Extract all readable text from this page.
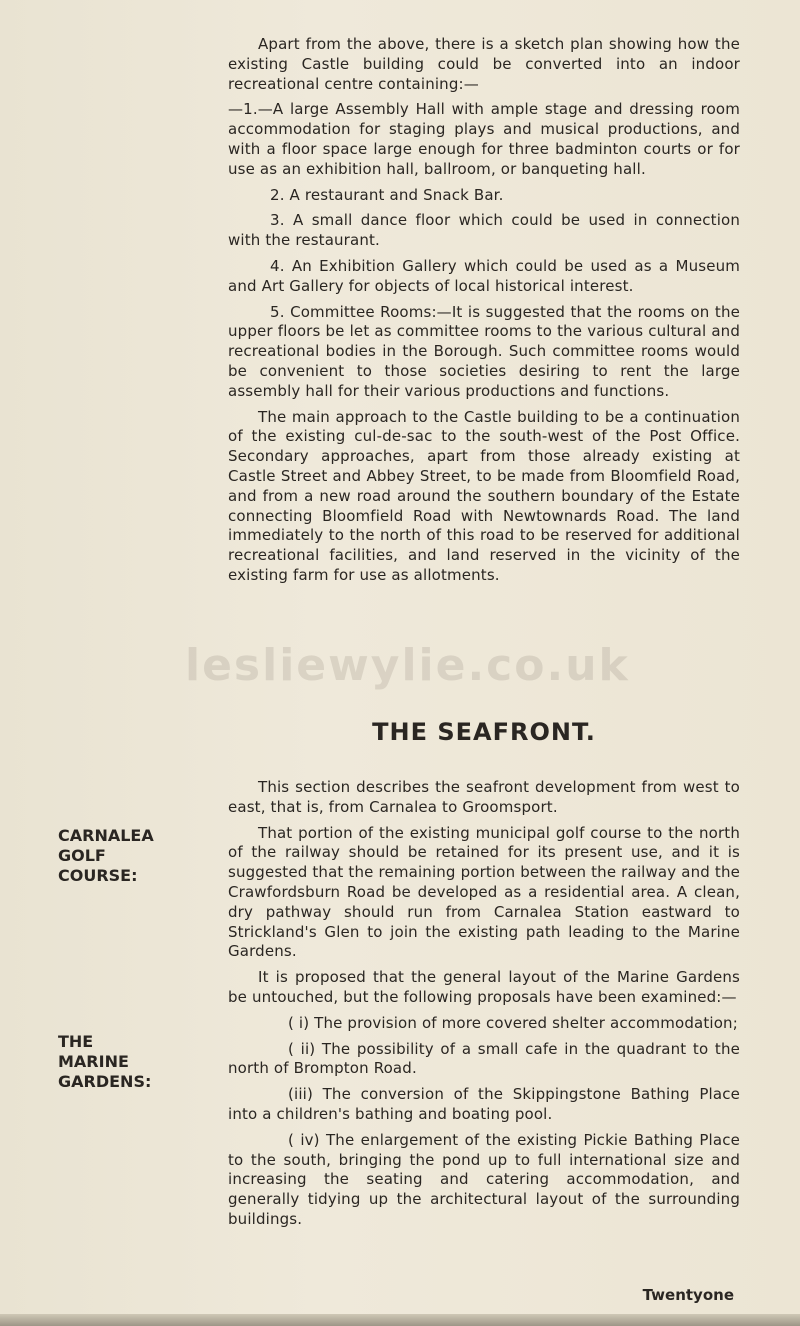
Apart from the above, there is a sketch plan showing how the existing Castle building could be converted into an indoor recreational centre containing:—

—1.—A large Assembly Hall with ample stage and dressing room accommodation for staging plays and musical productions, and with a floor space large enough for three badminton courts or for use as an exhibition hall, ballroom, or banqueting hall.

2. A restaurant and Snack Bar.

3. A small dance floor which could be used in connection with the restaurant.

4. An Exhibition Gallery which could be used as a Museum and Art Gallery for objects of local historical interest.

5. Committee Rooms:—It is suggested that the rooms on the upper floors be let as committee rooms to the various cultural and recreational bodies in the Borough. Such committee rooms would be convenient to those societies desiring to rent the large assembly hall for their various productions and functions.

The main approach to the Castle building to be a continuation of the existing cul-de-sac to the south-west of the Post Office. Secondary approaches, apart from those already existing at Castle Street and Abbey Street, to be made from Bloomfield Road, and from a new road around the southern boundary of the Estate connecting Bloomfield Road with Newtownards Road. The land immediately to the north of this road to be reserved for additional recreational facilities, and land reserved in the vicinity of the existing farm for use as allotments.

lesliewylie.co.uk
THE SEAFRONT.

This section describes the seafront development from west to east, that is, from Carnalea to Groomsport.

That portion of the existing municipal golf course to the north of the railway should be retained for its present use, and it is suggested that the remaining portion between the railway and the Crawfordsburn Road be developed as a residential area. A clean, dry pathway should run from Carnalea Station eastward to Strickland's Glen to join the existing path leading to the Marine Gardens.

It is proposed that the general layout of the Marine Gardens be untouched, but the following proposals have been examined:—

( i) The provision of more covered shelter accommodation;

( ii) The possibility of a small cafe in the quadrant to the north of Brompton Road.

(iii) The conversion of the Skippingstone Bathing Place into a children's bathing and boating pool.

( iv) The enlargement of the existing Pickie Bathing Place to the south, bringing the pond up to full international size and increasing the seating and catering accommodation, and generally tidying up the architectural layout of the surrounding buildings.

CARNALEA
GOLF
COURSE:
THE
MARINE
GARDENS:
Twentyone
